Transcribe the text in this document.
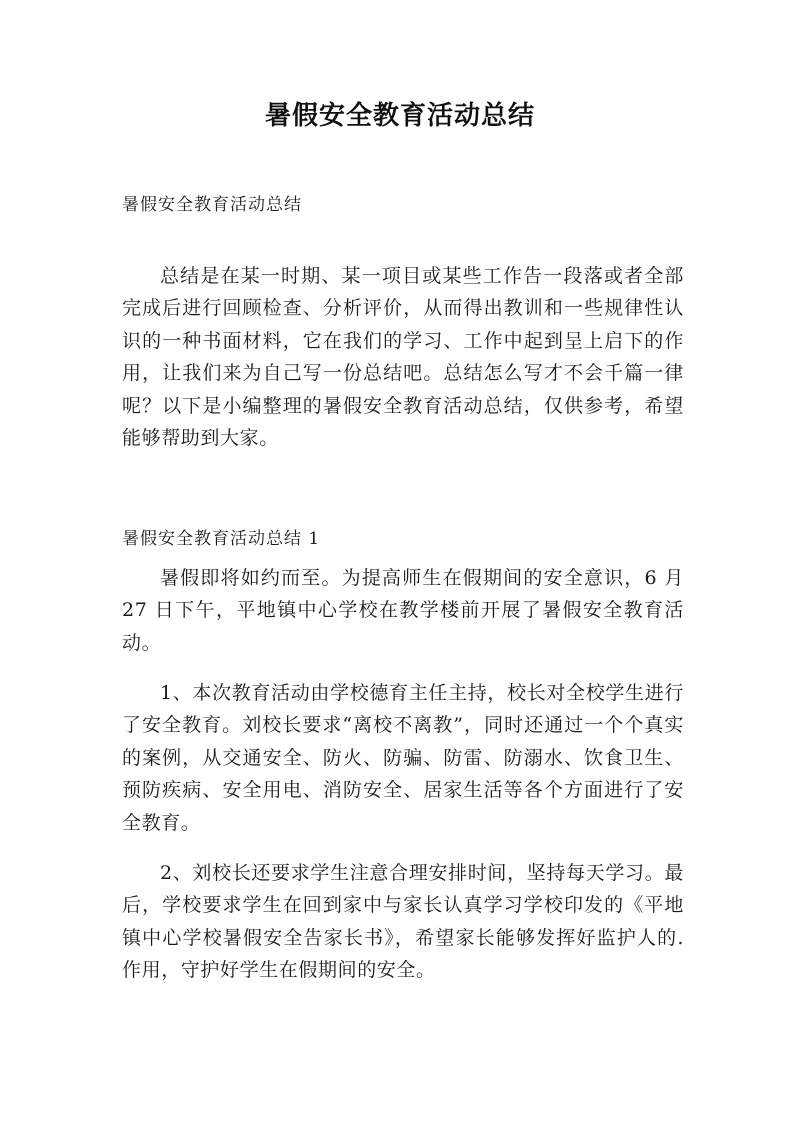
暑假安全教育活动总结
暑假安全教育活动总结
总结是在某一时期、某一项目或某些工作告一段落或者全部完成后进行回顾检查、分析评价，从而得出教训和一些规律性认识的一种书面材料，它在我们的学习、工作中起到呈上启下的作用，让我们来为自己写一份总结吧。总结怎么写才不会千篇一律呢？以下是小编整理的暑假安全教育活动总结，仅供参考，希望能够帮助到大家。
暑假安全教育活动总结 1
暑假即将如约而至。为提高师生在假期间的安全意识，6 月 27 日下午，平地镇中心学校在教学楼前开展了暑假安全教育活动。
1、本次教育活动由学校德育主任主持，校长对全校学生进行了安全教育。刘校长要求“离校不离教”，同时还通过一个个真实的案例，从交通安全、防火、防骗、防雷、防溺水、饮食卫生、预防疾病、安全用电、消防安全、居家生活等各个方面进行了安全教育。
2、刘校长还要求学生注意合理安排时间，坚持每天学习。最后，学校要求学生在回到家中与家长认真学习学校印发的《平地镇中心学校暑假安全告家长书》，希望家长能够发挥好监护人的.作用，守护好学生在假期间的安全。
